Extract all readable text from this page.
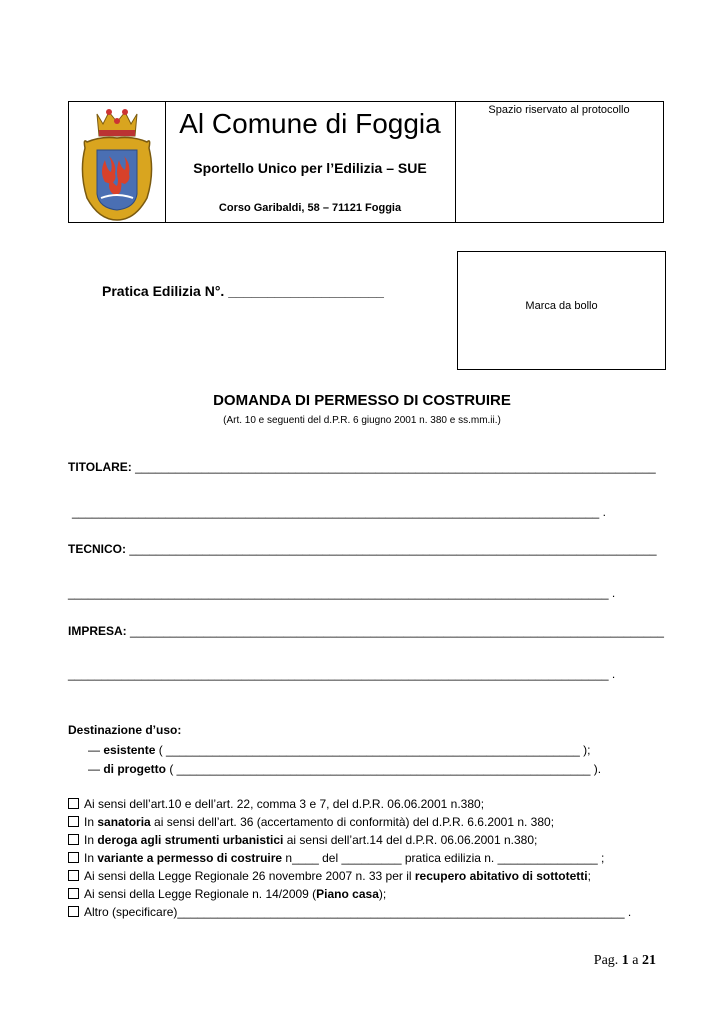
Al Comune di Foggia
Sportello Unico per l’Edilizia – SUE
Corso Garibaldi, 58 – 71121 Foggia
Spazio riservato al protocollo
Pratica Edilizia N°. ____________________
Marca da bollo
DOMANDA DI PERMESSO DI COSTRUIRE
(Art. 10 e seguenti del d.P.R. 6 giugno 2001 n. 380 e ss.mm.ii.)
TITOLARE: ______________________________________________________________________________
_______________________________________________________________________________ .
TECNICO: _______________________________________________________________________________
_________________________________________________________________________________ .
IMPRESA: ________________________________________________________________________________
_________________________________________________________________________________ .
Destinazione d’uso:
— esistente ( ______________________________________________________________ );
— di progetto ( ______________________________________________________________ ).
Ai sensi dell’art.10 e dell’art. 22, comma 3 e 7, del d.P.R. 06.06.2001 n.380;
In sanatoria ai sensi dell’art. 36 (accertamento di conformità) del d.P.R. 6.6.2001 n. 380;
In deroga agli strumenti urbanistici ai sensi dell’art.14 del d.P.R. 06.06.2001 n.380;
In variante a permesso di costruire n____ del _________ pratica edilizia n. _______________ ;
Ai sensi della Legge Regionale 26 novembre 2007 n. 33 per il recupero abitativo di sottotetti;
Ai sensi della Legge Regionale n. 14/2009 (Piano casa);
Altro (specificare)___________________________________________________________________ .
Pag. 1 a 21
